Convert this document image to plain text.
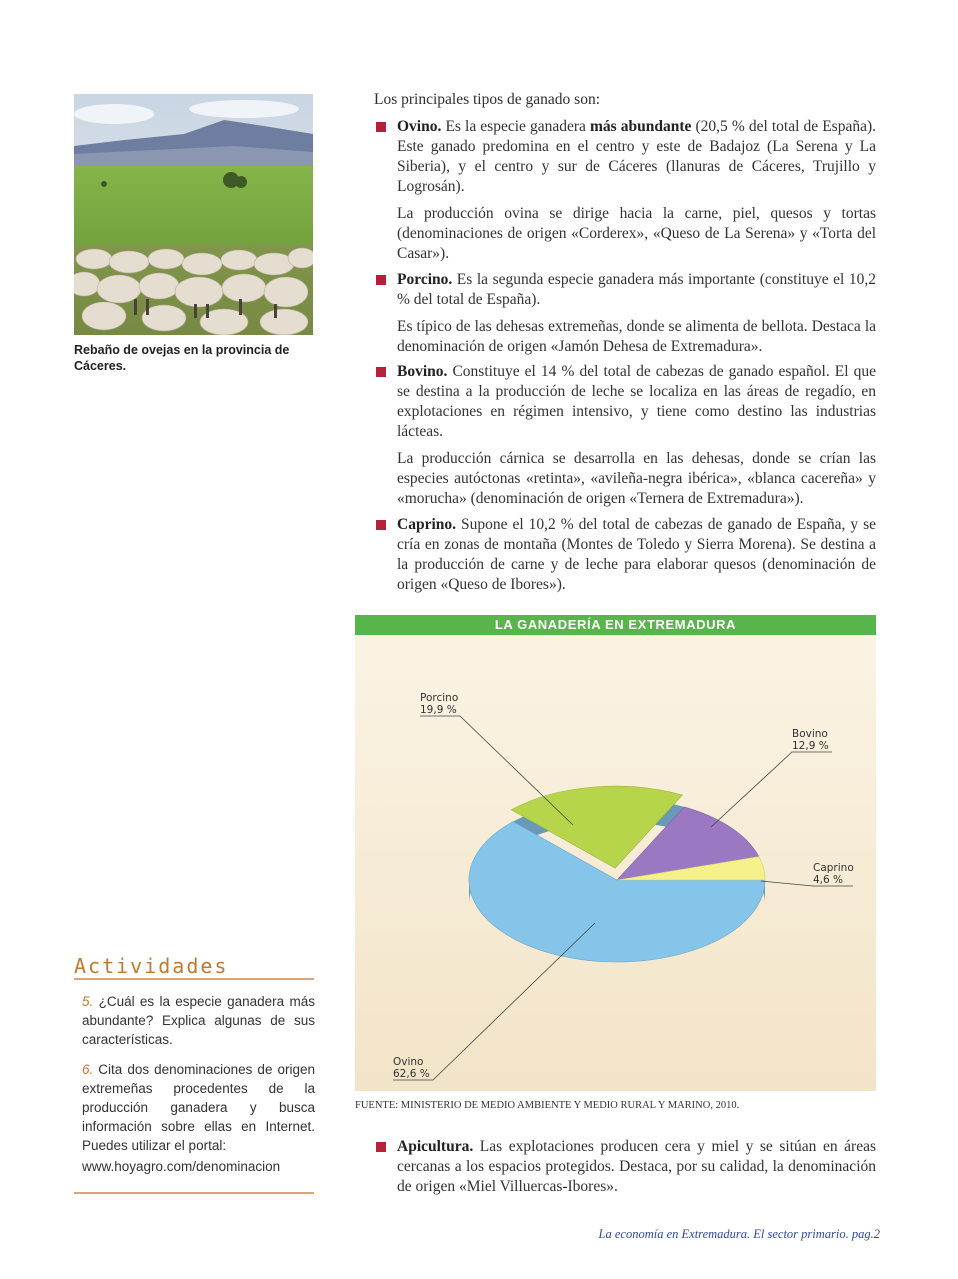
Rebaño de ovejas en la provincia de Cáceres.
Los principales tipos de ganado son:

Ovino. Es la especie ganadera más abundante (20,5 % del total de España). Este ganado predomina en el centro y este de Badajoz (La Serena y La Siberia), y el centro y sur de Cáceres (llanuras de Cáceres, Trujillo y Logrosán).

La producción ovina se dirige hacia la carne, piel, quesos y tortas (denominaciones de origen «Corderex», «Queso de La Serena» y «Torta del Casar»).

Porcino. Es la segunda especie ganadera más importante (constituye el 10,2 % del total de España).

Es típico de las dehesas extremeñas, donde se alimenta de bellota. Destaca la denominación de origen «Jamón Dehesa de Extremadura».

Bovino. Constituye el 14 % del total de cabezas de ganado español. El que se destina a la producción de leche se localiza en las áreas de regadío, en explotaciones en régimen intensivo, y tiene como destino las industrias lácteas.

La producción cárnica se desarrolla en las dehesas, donde se crían las especies autóctonas «retinta», «avileña-negra ibérica», «blanca cacereña» y «morucha» (denominación de origen «Ternera de Extremadura»).

Caprino. Supone el 10,2 % del total de cabezas de ganado de España, y se cría en zonas de montaña (Montes de Toledo y Sierra Morena). Se destina a la producción de carne y de leche para elaborar quesos (denominación de origen «Queso de Ibores»).

LA GANADERÍA EN EXTREMADURA
Ovino
62,6 %
Porcino
19,9 %
Bovino
12,9 %
Caprino
4,6 %
FUENTE: MINISTERIO DE MEDIO AMBIENTE Y MEDIO RURAL Y MARINO, 2010.

Apicultura. Las explotaciones producen cera y miel y se sitúan en áreas cercanas a los espacios protegidos. Destaca, por su calidad, la denominación de origen «Miel Villuercas-Ibores».

Actividades
5. ¿Cuál es la especie ganadera más abundante? Explica algunas de sus características.
6. Cita dos denominaciones de origen extremeñas procedentes de la producción ganadera y busca información sobre ellas en Internet. Puedes utilizar el portal:
www.hoyagro.com/denominacion
La economía en Extremadura. El sector primario. pag.2
